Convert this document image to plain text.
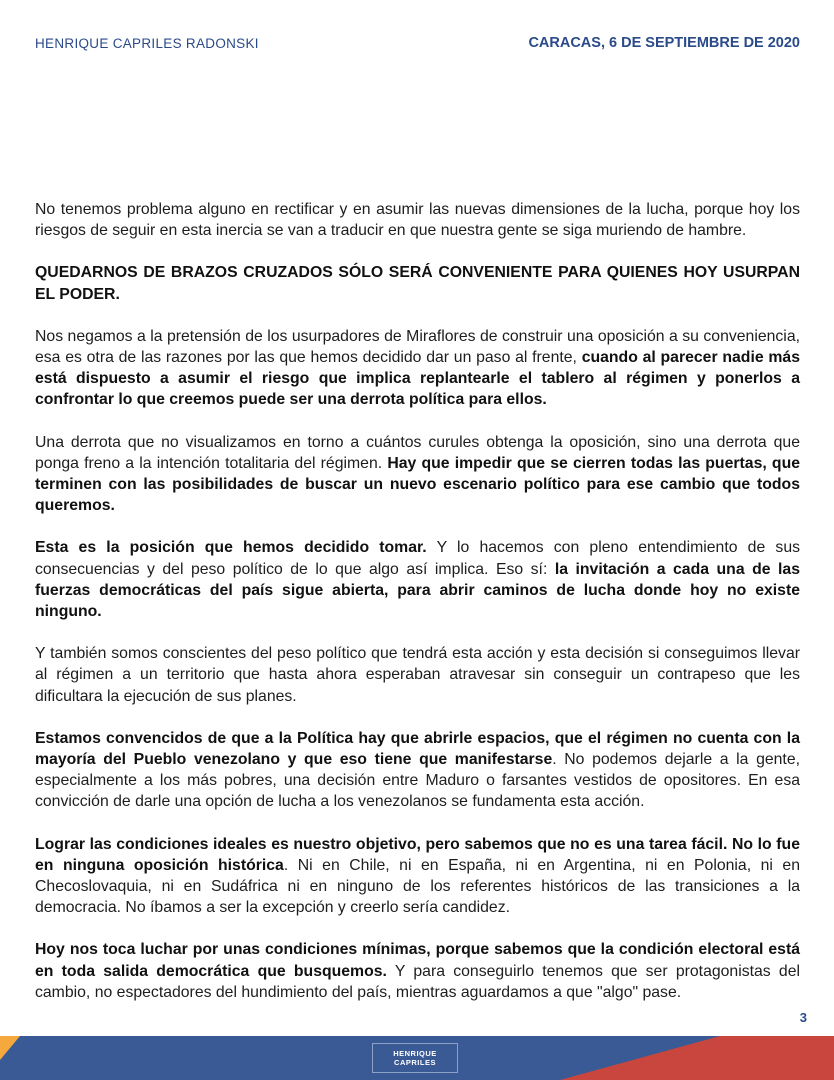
HENRIQUE CAPRILES RADONSKI	CARACAS, 6 DE SEPTIEMBRE DE 2020

No tenemos problema alguno en rectificar y en asumir las nuevas dimensiones de la lucha, porque hoy los riesgos de seguir en esta inercia se van a traducir en que nuestra gente se siga muriendo de hambre.

QUEDARNOS DE BRAZOS CRUZADOS SÓLO SERÁ CONVENIENTE PARA QUIENES HOY USURPAN EL PODER.

Nos negamos a la pretensión de los usurpadores de Miraflores de construir una oposición a su conveniencia, esa es otra de las razones por las que hemos decidido dar un paso al frente, cuando al parecer nadie más está dispuesto a asumir el riesgo que implica replantearle el tablero al régimen y ponerlos a confrontar lo que creemos puede ser una derrota política para ellos.

Una derrota que no visualizamos en torno a cuántos curules obtenga la oposición, sino una derrota que ponga freno a la intención totalitaria del régimen. Hay que impedir que se cierren todas las puertas, que terminen con las posibilidades de buscar un nuevo escenario político para ese cambio que todos queremos.

Esta es la posición que hemos decidido tomar. Y lo hacemos con pleno entendimiento de sus consecuencias y del peso político de lo que algo así implica. Eso sí: la invitación a cada una de las fuerzas democráticas del país sigue abierta, para abrir caminos de lucha donde hoy no existe ninguno.

Y también somos conscientes del peso político que tendrá esta acción y esta decisión si conseguimos llevar al régimen a un territorio que hasta ahora esperaban atravesar sin conseguir un contrapeso que les dificultara la ejecución de sus planes.

Estamos convencidos de que a la Política hay que abrirle espacios, que el régimen no cuenta con la mayoría del Pueblo venezolano y que eso tiene que manifestarse. No podemos dejarle a la gente, especialmente a los más pobres, una decisión entre Maduro o farsantes vestidos de opositores. En esa convicción de darle una opción de lucha a los venezolanos se fundamenta esta acción.

Lograr las condiciones ideales es nuestro objetivo, pero sabemos que no es una tarea fácil. No lo fue en ninguna oposición histórica. Ni en Chile, ni en España, ni en Argentina, ni en Polonia, ni en Checoslovaquia, ni en Sudáfrica ni en ninguno de los referentes históricos de las transiciones a la democracia. No íbamos a ser la excepción y creerlo sería candidez.

Hoy nos toca luchar por unas condiciones mínimas, porque sabemos que la condición electoral está en toda salida democrática que busquemos. Y para conseguirlo tenemos que ser protagonistas del cambio, no espectadores del hundimiento del país, mientras aguardamos a que "algo" pase.

3
HENRIQUE
CAPRILES
